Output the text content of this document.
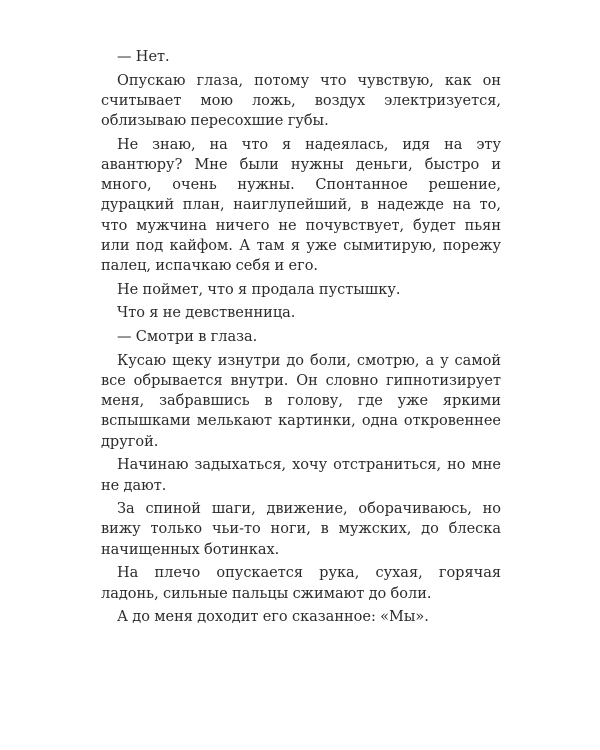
— Нет.

Опускаю глаза, потому что чувствую, как он считывает мою ложь, воздух электризуется, облизываю пересохшие губы.

Не знаю, на что я надеялась, идя на эту авантюру? Мне были нужны деньги, быстро и много, очень нужны. Спонтанное решение, дурацкий план, наиглупейший, в надежде на то, что мужчина ничего не почувствует, будет пьян или под кайфом. А там я уже сымитирую, порежу палец, испачкаю себя и его.

Не поймет, что я продала пустышку.

Что я не девственница.

— Смотри в глаза.

Кусаю щеку изнутри до боли, смотрю, а у самой все обрывается внутри. Он словно гипнотизирует меня, забравшись в голову, где уже яркими вспышками мелькают картинки, одна откровеннее другой.

Начинаю задыхаться, хочу отстраниться, но мне не дают.

За спиной шаги, движение, оборачиваюсь, но вижу только чьи-то ноги, в мужских, до блеска начищенных ботинках.

На плечо опускается рука, сухая, горячая ладонь, сильные пальцы сжимают до боли.

А до меня доходит его сказанное: «Мы».
